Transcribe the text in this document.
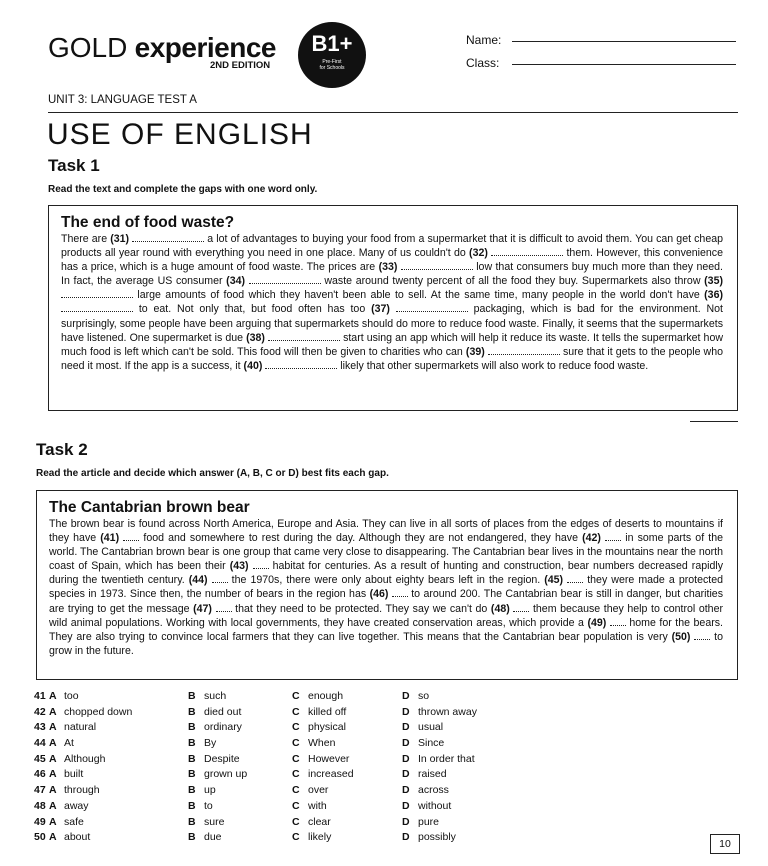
GOLD experience
2ND EDITION
B1+
Pre-First
for Schools
Name:
Class:
UNIT 3: LANGUAGE TEST A
USE OF ENGLISH
Task 1
Read the text and complete the gaps with one word only.
The end of food waste?

There are (31)	a lot of advantages to buying your food from a supermarket that it is difficult to avoid them. You can get cheap products all year round with everything you need in one place. Many of us couldn't do (32)	them. However, this convenience has a price, which is a huge amount of food waste. The prices are (33)	low that consumers buy much more than they need. In fact, the average US consumer (34)	waste around twenty percent of all the food they buy. Supermarkets also throw (35)  large amounts of food which they haven't been able to sell. At the same time, many people in the world don't have (36)  to eat. Not only that, but food often has too (37)	packaging, which is bad for the environment. Not surprisingly, some people have been arguing that supermarkets should do more to reduce food waste. Finally, it seems that the supermarkets have listened. One supermarket is due (38)	start using an app which will help it reduce its waste. It tells the supermarket how much food is left which can't be sold. This food will then be given to charities who can (39)	sure that it gets to the people who need it most. If the app is a success, it (40)	likely that other supermarkets will also work to reduce food waste.

Task 2
Read the article and decide which answer (A, B, C or D) best fits each gap.
The Cantabrian brown bear

The brown bear is found across North America, Europe and Asia. They can live in all sorts of places from the edges of deserts to mountains if they have (41)  food and somewhere to rest during the day. Although they are not endangered, they have (42)  in some parts of the world. The Cantabrian brown bear is one group that came very close to disappearing. The Cantabrian bear lives in the mountains near the north coast of Spain, which has been their (43)  habitat for centuries. As a result of hunting and construction, bear numbers decreased rapidly during the twentieth century. (44)  the 1970s, there were only about eighty bears left in the region. (45)  they were made a protected species in 1973. Since then, the number of bears in the region has (46)  to around 200. The Cantabrian bear is still in danger, but charities are trying to get the message (47)  that they need to be protected. They say we can't do (48)  them because they help to control other wild animal populations. Working with local governments, they have created conservation areas, which provide a (49)  home for the bears. They are also trying to convince local farmers that they can live together. This means that the Cantabrian bear population is very (50)  to grow in the future.

41 A too	B such	C enough	D so
42 A chopped down	B died out	C killed off	D thrown away
43 A natural	B ordinary	C physical	D usual
44 A At	B By	C When	D Since
45 A Although	B Despite	C However	D In order that
46 A built	B grown up	C increased	D raised
47 A through	B up	C over	D across
48 A away	B to	C with	D without
49 A safe	B sure	C clear	D pure
50 A about	B due	C likely	D possibly
10
